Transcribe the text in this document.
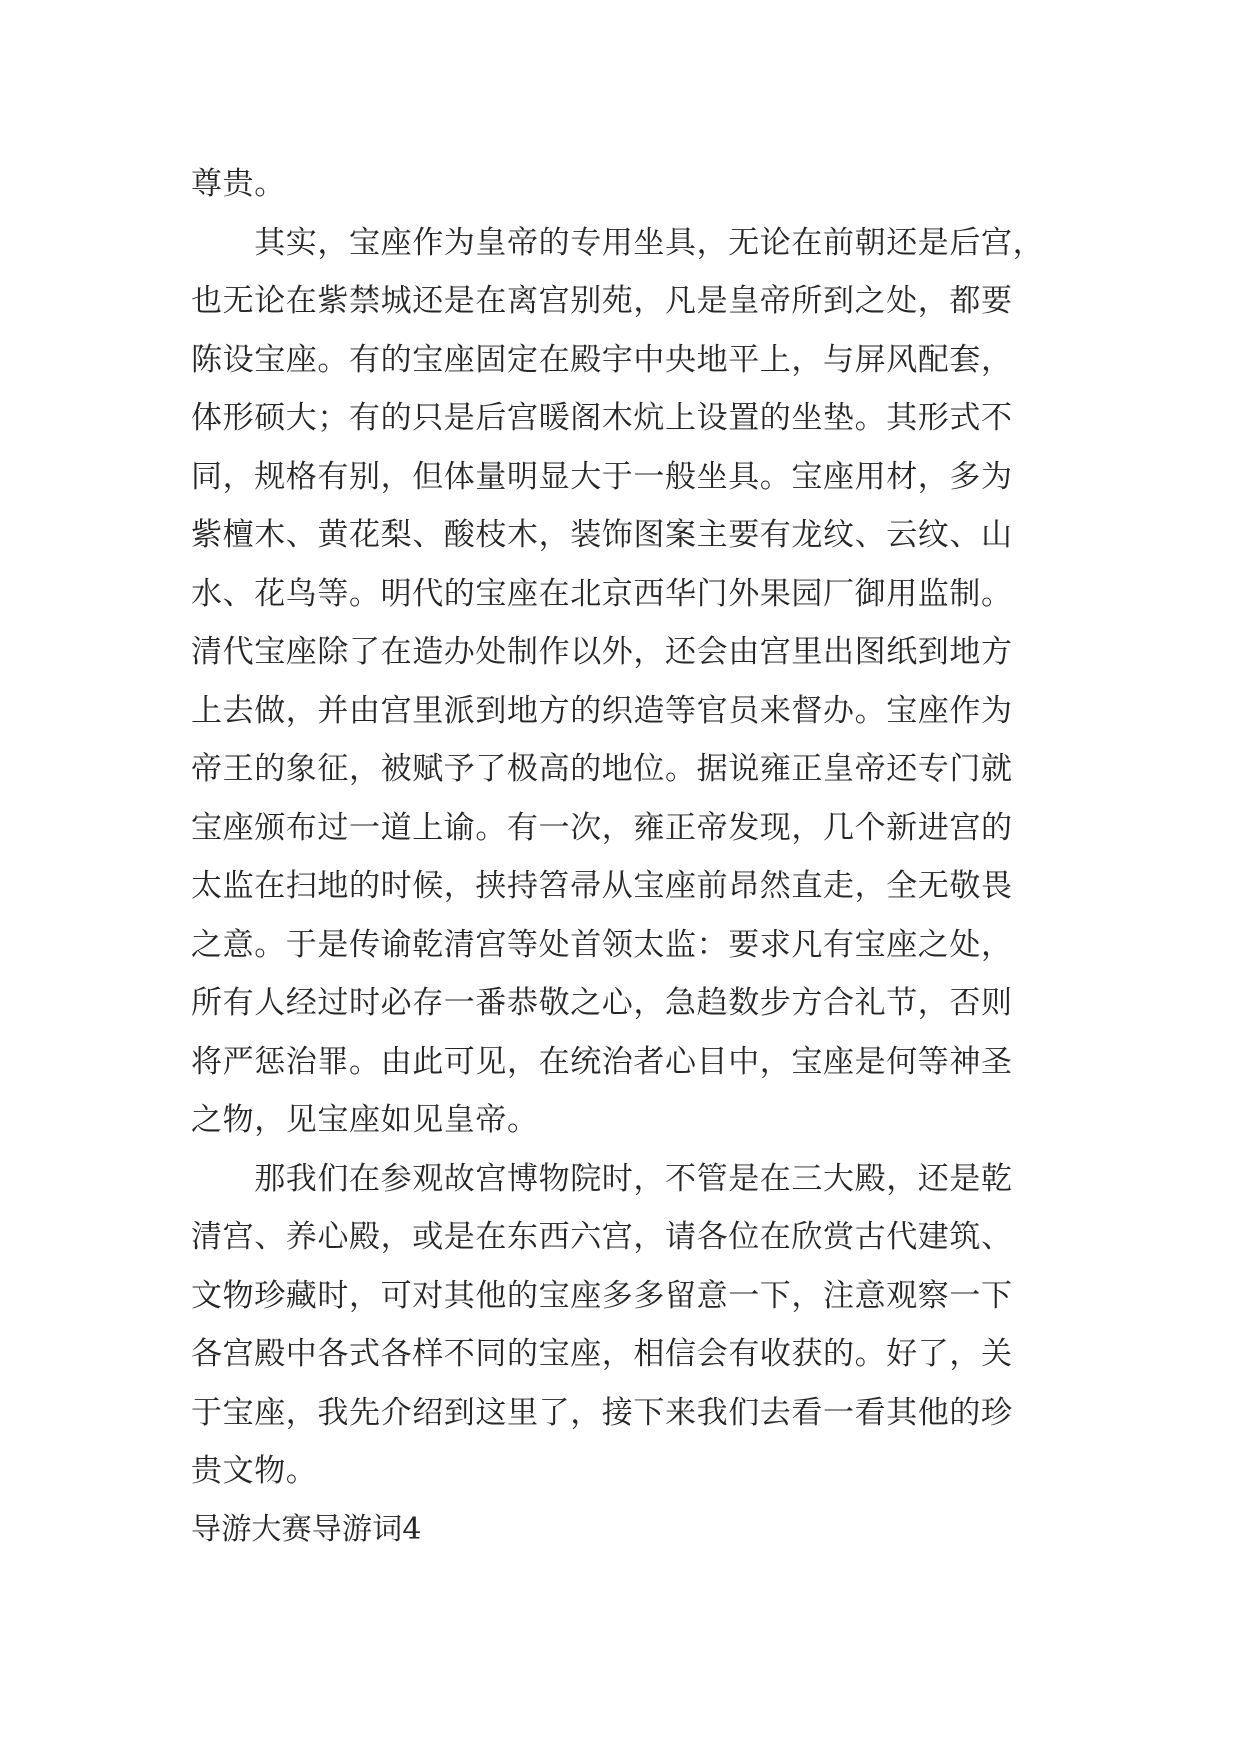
尊贵。
　　其实，宝座作为皇帝的专用坐具，无论在前朝还是后宫，
也无论在紫禁城还是在离宫别苑，凡是皇帝所到之处，都要
陈设宝座。有的宝座固定在殿宇中央地平上，与屏风配套，
体形硕大；有的只是后宫暖阁木炕上设置的坐垫。其形式不
同，规格有别，但体量明显大于一般坐具。宝座用材，多为
紫檀木、黄花梨、酸枝木，装饰图案主要有龙纹、云纹、山
水、花鸟等。明代的宝座在北京西华门外果园厂御用监制。
清代宝座除了在造办处制作以外，还会由宫里出图纸到地方
上去做，并由宫里派到地方的织造等官员来督办。宝座作为
帝王的象征，被赋予了极高的地位。据说雍正皇帝还专门就
宝座颁布过一道上谕。有一次，雍正帝发现，几个新进宫的
太监在扫地的时候，挟持笤帚从宝座前昂然直走，全无敬畏
之意。于是传谕乾清宫等处首领太监：要求凡有宝座之处，
所有人经过时必存一番恭敬之心，急趋数步方合礼节，否则
将严惩治罪。由此可见，在统治者心目中，宝座是何等神圣
之物，见宝座如见皇帝。
　　那我们在参观故宫博物院时，不管是在三大殿，还是乾
清宫、养心殿，或是在东西六宫，请各位在欣赏古代建筑、
文物珍藏时，可对其他的宝座多多留意一下，注意观察一下
各宫殿中各式各样不同的宝座，相信会有收获的。好了，关
于宝座，我先介绍到这里了，接下来我们去看一看其他的珍
贵文物。
导游大赛导游词4
